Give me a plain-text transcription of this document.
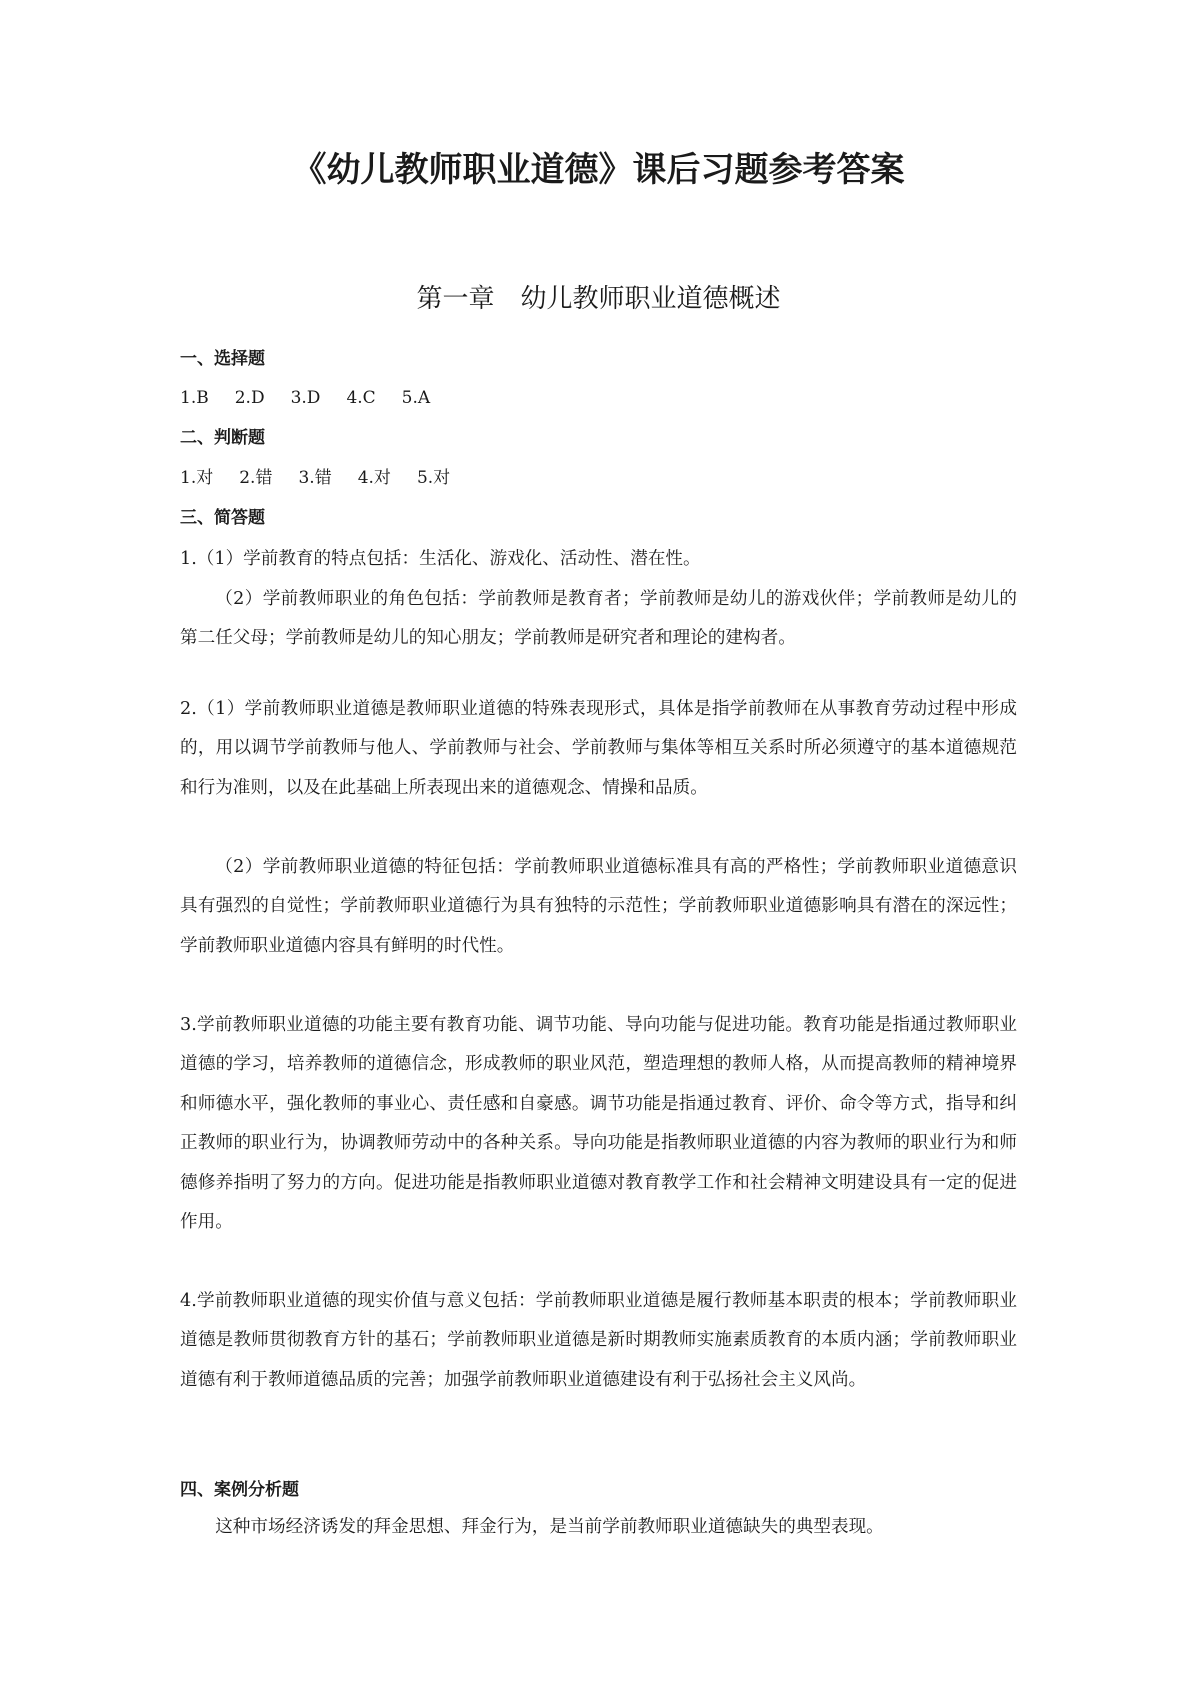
《幼儿教师职业道德》课后习题参考答案
第一章　幼儿教师职业道德概述
一、选择题
1.B 2.D 3.D 4.C 5.A
二、判断题
1.对 2.错 3.错 4.对 5.对
三、简答题

1.（1）学前教育的特点包括：生活化、游戏化、活动性、潜在性。

（2）学前教师职业的角色包括：学前教师是教育者；学前教师是幼儿的游戏伙伴；学前教师是幼儿的第二任父母；学前教师是幼儿的知心朋友；学前教师是研究者和理论的建构者。

2.（1）学前教师职业道德是教师职业道德的特殊表现形式，具体是指学前教师在从事教育劳动过程中形成的，用以调节学前教师与他人、学前教师与社会、学前教师与集体等相互关系时所必须遵守的基本道德规范和行为准则，以及在此基础上所表现出来的道德观念、情操和品质。

（2）学前教师职业道德的特征包括：学前教师职业道德标准具有高的严格性；学前教师职业道德意识具有强烈的自觉性；学前教师职业道德行为具有独特的示范性；学前教师职业道德影响具有潜在的深远性；学前教师职业道德内容具有鲜明的时代性。

3.学前教师职业道德的功能主要有教育功能、调节功能、导向功能与促进功能。教育功能是指通过教师职业道德的学习，培养教师的道德信念，形成教师的职业风范，塑造理想的教师人格，从而提高教师的精神境界和师德水平，强化教师的事业心、责任感和自豪感。调节功能是指通过教育、评价、命令等方式，指导和纠正教师的职业行为，协调教师劳动中的各种关系。导向功能是指教师职业道德的内容为教师的职业行为和师德修养指明了努力的方向。促进功能是指教师职业道德对教育教学工作和社会精神文明建设具有一定的促进作用。

4.学前教师职业道德的现实价值与意义包括：学前教师职业道德是履行教师基本职责的根本；学前教师职业道德是教师贯彻教育方针的基石；学前教师职业道德是新时期教师实施素质教育的本质内涵；学前教师职业道德有利于教师道德品质的完善；加强学前教师职业道德建设有利于弘扬社会主义风尚。

四、案例分析题

这种市场经济诱发的拜金思想、拜金行为，是当前学前教师职业道德缺失的典型表现。
